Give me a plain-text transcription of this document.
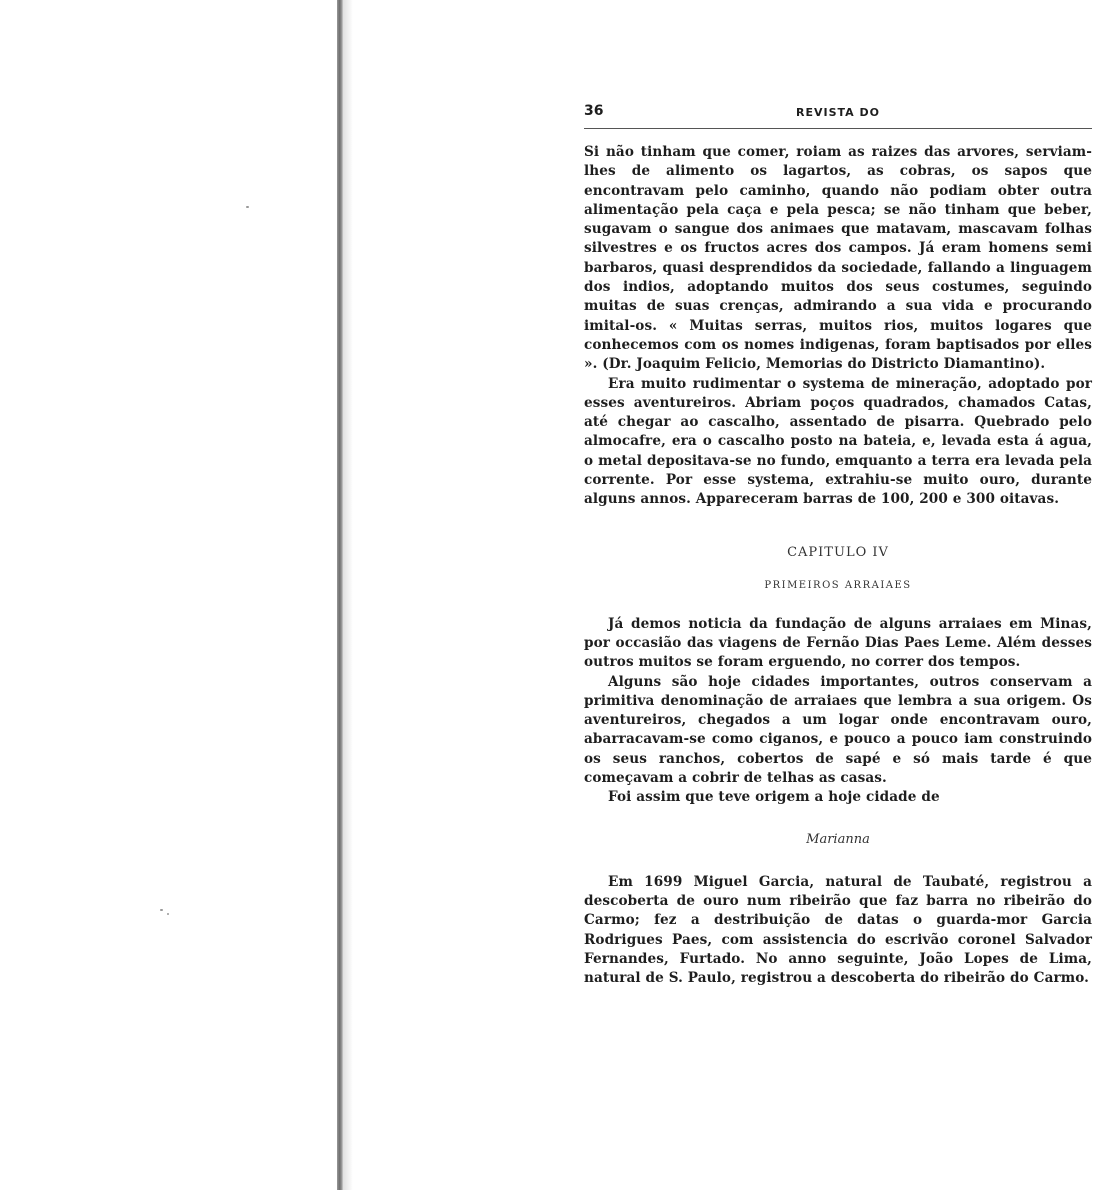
36	REVISTA DO

Si não tinham que comer, roiam as raizes das arvores, serviam-lhes de alimento os lagartos, as cobras, os sapos que encontravam pelo caminho, quando não podiam obter outra alimentação pela caça e pela pesca; se não tinham que beber, sugavam o sangue dos animaes que matavam, mascavam folhas silvestres e os fructos acres dos campos. Já eram homens semi barbaros, quasi desprendidos da sociedade, fallando a linguagem dos indios, adoptando muitos dos seus costumes, seguindo muitas de suas crenças, admirando a sua vida e procurando imital-os. « Muitas serras, muitos rios, muitos logares que conhecemos com os nomes indigenas, foram baptisados por elles ». (Dr. Joaquim Felicio, Memorias do Districto Diamantino).

Era muito rudimentar o systema de mineração, adoptado por esses aventureiros. Abriam poços quadrados, chamados Catas, até chegar ao cascalho, assentado de pisarra. Quebrado pelo almocafre, era o cascalho posto na bateia, e, levada esta á agua, o metal depositava-se no fundo, emquanto a terra era levada pela corrente. Por esse systema, extrahiu-se muito ouro, durante alguns annos. Appareceram barras de 100, 200 e 300 oitavas.

CAPITULO IV
PRIMEIROS ARRAIAES

Já demos noticia da fundação de alguns arraiaes em Minas, por occasião das viagens de Fernão Dias Paes Leme. Além desses outros muitos se foram erguendo, no correr dos tempos.

Alguns são hoje cidades importantes, outros conservam a primitiva denominação de arraiaes que lembra a sua origem. Os aventureiros, chegados a um logar onde encontravam ouro, abarracavam-se como ciganos, e pouco a pouco iam construindo os seus ranchos, cobertos de sapé e só mais tarde é que começavam a cobrir de telhas as casas.

Foi assim que teve origem a hoje cidade de

Marianna

Em 1699 Miguel Garcia, natural de Taubaté, registrou a descoberta de ouro num ribeirão que faz barra no ribeirão do Carmo; fez a destribuição de datas o guarda-mor Garcia Rodrigues Paes, com assistencia do escrivão coronel Salvador Fernandes, Furtado. No anno seguinte, João Lopes de Lima, natural de S. Paulo, registrou a descoberta do ribeirão do Carmo.
